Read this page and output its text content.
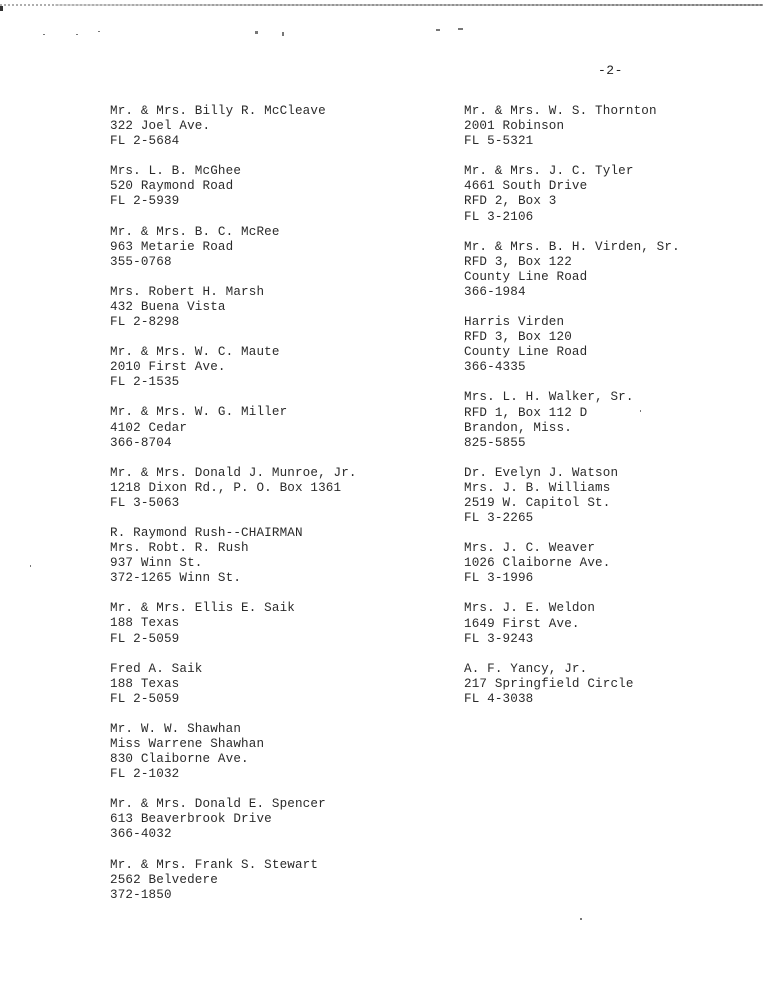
-2-
Mr. & Mrs. Billy R. McCleave
322 Joel Ave.
FL 2-5684
Mrs. L. B. McGhee
520 Raymond Road
FL 2-5939
Mr. & Mrs. B. C. McRee
963 Metarie Road
355-0768
Mrs. Robert H. Marsh
432 Buena Vista
FL 2-8298
Mr. & Mrs. W. C. Maute
2010 First Ave.
FL 2-1535
Mr. & Mrs. W. G. Miller
4102 Cedar
366-8704
Mr. & Mrs. Donald J. Munroe, Jr.
1218 Dixon Rd., P. O. Box 1361
FL 3-5063
R. Raymond Rush--CHAIRMAN
Mrs. Robt. R. Rush
937 Winn St.
372-1265 Winn St.
Mr. & Mrs. Ellis E. Saik
188 Texas
FL 2-5059
Fred A. Saik
188 Texas
FL 2-5059
Mr. W. W. Shawhan
Miss Warrene Shawhan
830 Claiborne Ave.
FL 2-1032
Mr. & Mrs. Donald E. Spencer
613 Beaverbrook Drive
366-4032
Mr. & Mrs. Frank S. Stewart
2562 Belvedere
372-1850
Mr. & Mrs. W. S. Thornton
2001 Robinson
FL 5-5321
Mr. & Mrs. J. C. Tyler
4661 South Drive
RFD 2, Box 3
FL 3-2106
Mr. & Mrs. B. H. Virden, Sr.
RFD 3, Box 122
County Line Road
366-1984
Harris Virden
RFD 3, Box 120
County Line Road
366-4335
Mrs. L. H. Walker, Sr.
RFD 1, Box 112 D
Brandon, Miss.
825-5855
Dr. Evelyn J. Watson
Mrs. J. B. Williams
2519 W. Capitol St.
FL 3-2265
Mrs. J. C. Weaver
1026 Claiborne Ave.
FL 3-1996
Mrs. J. E. Weldon
1649 First Ave.
FL 3-9243
A. F. Yancy, Jr.
217 Springfield Circle
FL 4-3038
